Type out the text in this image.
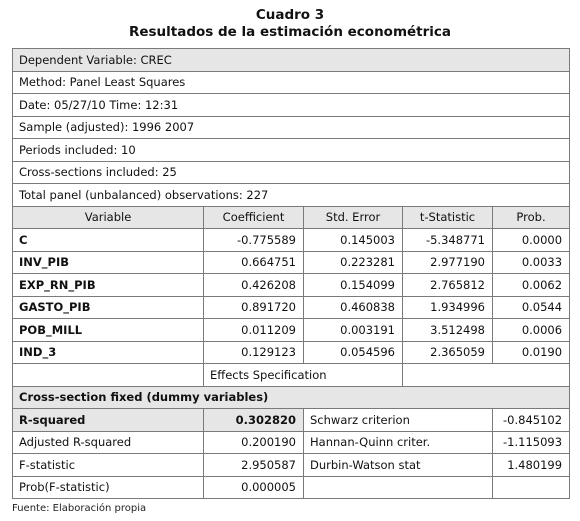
Cuadro 3
Resultados de la estimación econométrica
Dependent Variable: CREC				
Method: Panel Least Squares				
Date: 05/27/10 Time: 12:31				
Sample (adjusted): 1996 2007				
Periods included: 10				
Cross-sections included: 25				
Total panel (unbalanced) observations: 227				
Variable	Coefficient	Std. Error	t-Statistic	Prob.
C	-0.775589	0.145003	-5.348771	0.0000
INV_PIB	0.664751	0.223281	2.977190	0.0033
EXP_RN_PIB	0.426208	0.154099	2.765812	0.0062
GASTO_PIB	0.891720	0.460838	1.934996	0.0544
POB_MILL	0.011209	0.003191	3.512498	0.0006
IND_3	0.129123	0.054596	2.365059	0.0190
	Effects Specification			
Cross-section fixed (dummy variables)				
R-squared	0.302820	Schwarz criterion		-0.845102
Adjusted R-squared	0.200190	Hannan-Quinn criter.		-1.115093
F-statistic	2.950587	Durbin-Watson stat		1.480199
Prob(F-statistic)	0.000005			
Fuente: Elaboración propia
